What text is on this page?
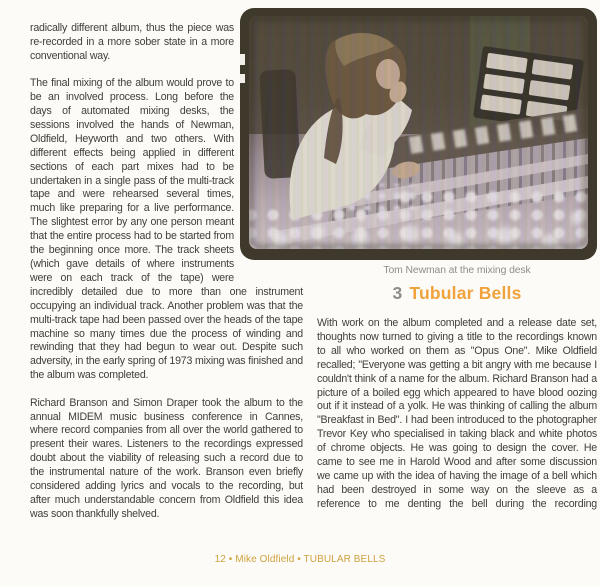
radically different album, thus the piece was re-recorded in a more sober state in a more conventional way.

The final mixing of the album would prove to be an involved process. Long before the days of automated mixing desks, the sessions involved the hands of Newman, Oldfield, Heyworth and two others. With different effects being applied in different sections of each part mixes had to be undertaken in a single pass of the multi-track tape and were rehearsed several times, much like preparing for a live performance. The slightest error by any one person meant that the entire process had to be started from the beginning once more. The track sheets (which gave details of where instruments were on each track of the tape) were incredibly detailed due to more than one instrument occupying an individual track. Another problem was that the multi-track tape had been passed over the heads of the tape machine so many times due the process of winding and rewinding that they had begun to wear out. Despite such adversity, in the early spring of 1973 mixing was finished and the album was completed.

Richard Branson and Simon Draper took the album to the annual MIDEM music business conference in Cannes, where record companies from all over the world gathered to present their wares. Listeners to the recordings expressed doubt about the viability of releasing such a record due to the instrumental nature of the work. Branson even briefly considered adding lyrics and vocals to the recording, but after much understandable concern from Oldfield this idea was soon thankfully shelved.

Tom Newman at the mixing desk
3 Tubular Bells

With work on the album completed and a release date set, thoughts now turned to giving a title to the recordings known to all who worked on them as "Opus One". Mike Oldfield recalled; "Everyone was getting a bit angry with me because I couldn't think of a name for the album. Richard Branson had a picture of a boiled egg which appeared to have blood oozing out if it instead of a yolk. He was thinking of calling the album "Breakfast in Bed". I had been introduced to the photographer Trevor Key who specialised in taking black and white photos of chrome objects. He was going to design the cover. He came to see me in Harold Wood and after some discussion we came up with the idea of having the image of a bell which had been destroyed in some way on the sleeve as a reference to me denting the bell during the recording

12 • Mike Oldfield • TUBULAR BELLS
